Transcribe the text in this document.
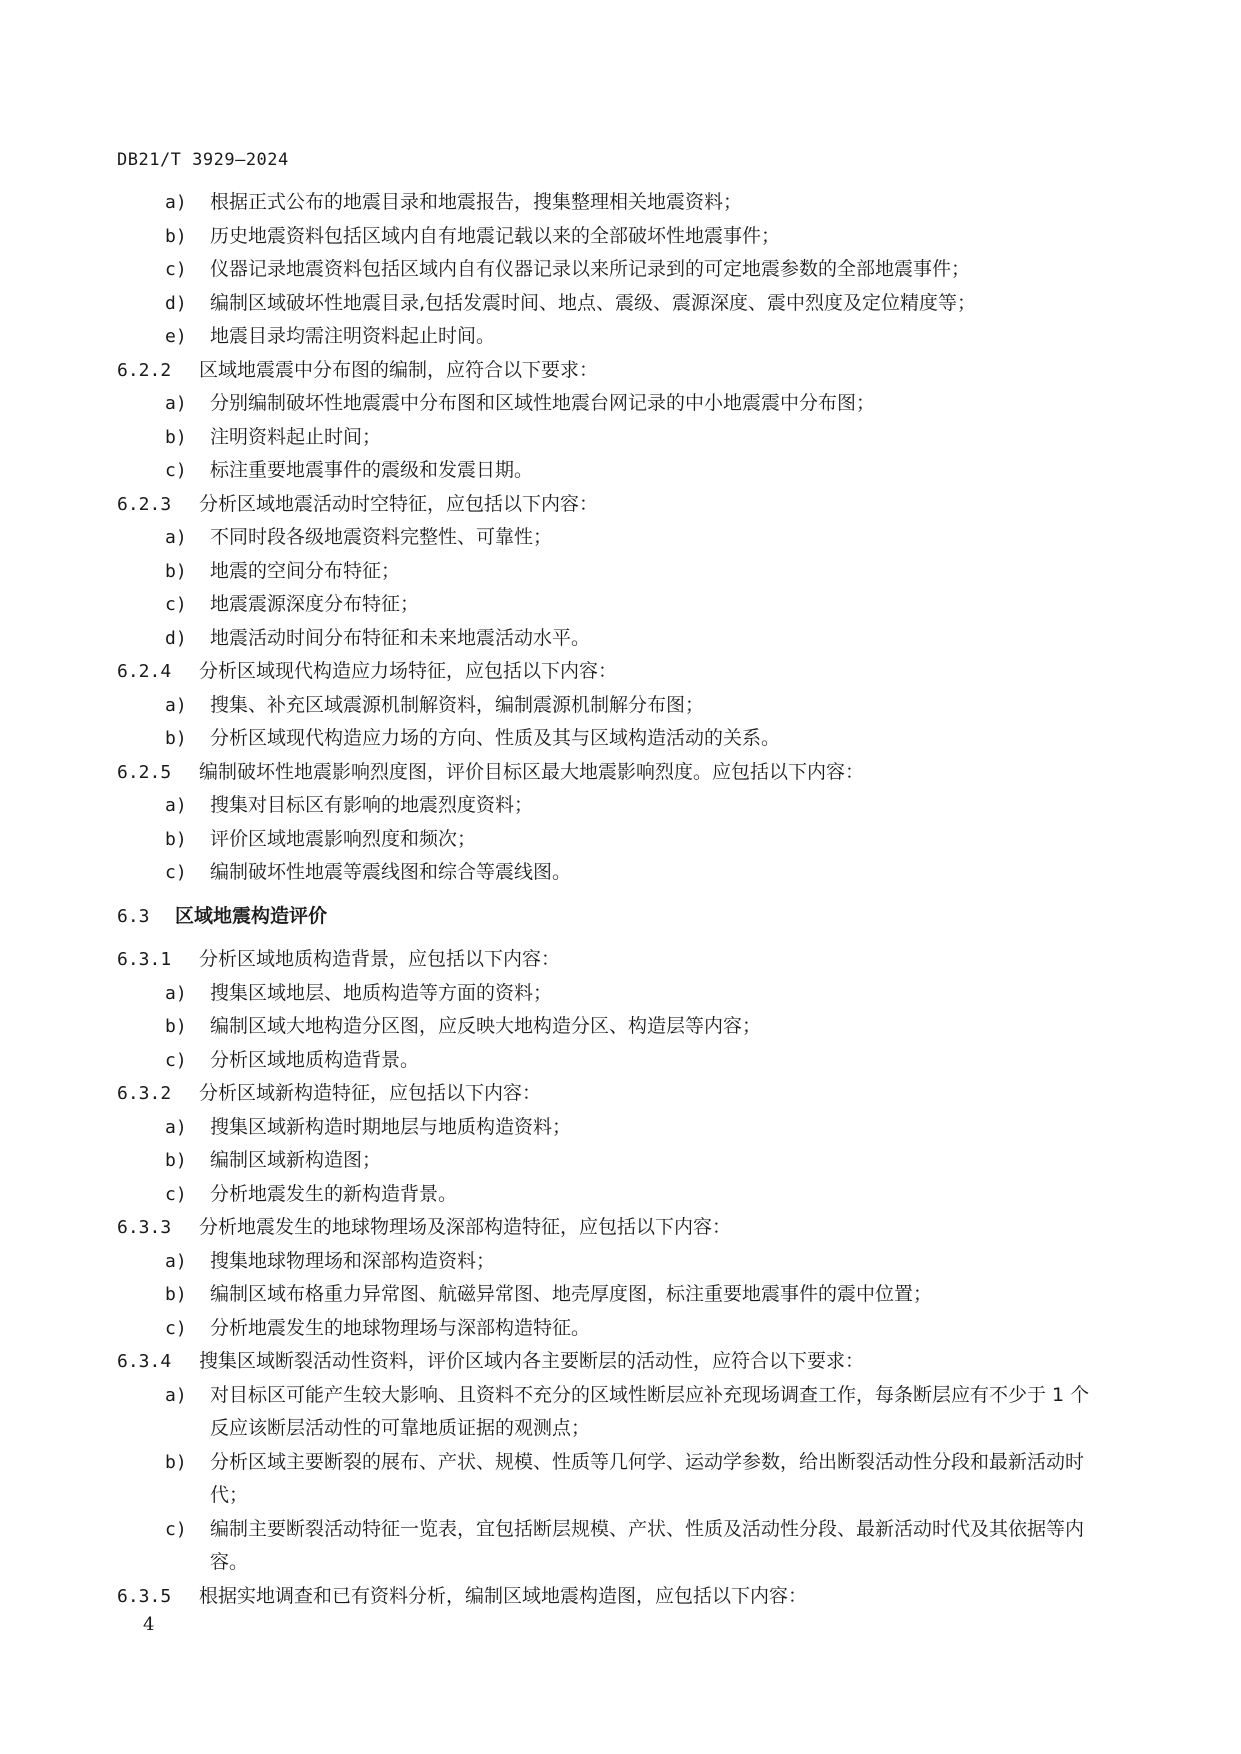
DB21/T 3929—2024
a) 根据正式公布的地震目录和地震报告，搜集整理相关地震资料；
b) 历史地震资料包括区域内自有地震记载以来的全部破坏性地震事件；
c) 仪器记录地震资料包括区域内自有仪器记录以来所记录到的可定地震参数的全部地震事件；
d) 编制区域破坏性地震目录,包括发震时间、地点、震级、震源深度、震中烈度及定位精度等；
e) 地震目录均需注明资料起止时间。
6.2.2 区域地震震中分布图的编制，应符合以下要求：
a) 分别编制破坏性地震震中分布图和区域性地震台网记录的中小地震震中分布图；
b) 注明资料起止时间；
c) 标注重要地震事件的震级和发震日期。
6.2.3 分析区域地震活动时空特征，应包括以下内容：
a) 不同时段各级地震资料完整性、可靠性；
b) 地震的空间分布特征；
c) 地震震源深度分布特征；
d) 地震活动时间分布特征和未来地震活动水平。
6.2.4 分析区域现代构造应力场特征，应包括以下内容：
a) 搜集、补充区域震源机制解资料，编制震源机制解分布图；
b) 分析区域现代构造应力场的方向、性质及其与区域构造活动的关系。
6.2.5 编制破坏性地震影响烈度图，评价目标区最大地震影响烈度。应包括以下内容：
a) 搜集对目标区有影响的地震烈度资料；
b) 评价区域地震影响烈度和频次；
c) 编制破坏性地震等震线图和综合等震线图。
6.3 区域地震构造评价
6.3.1 分析区域地质构造背景，应包括以下内容：
a) 搜集区域地层、地质构造等方面的资料；
b) 编制区域大地构造分区图，应反映大地构造分区、构造层等内容；
c) 分析区域地质构造背景。
6.3.2 分析区域新构造特征，应包括以下内容：
a) 搜集区域新构造时期地层与地质构造资料；
b) 编制区域新构造图；
c) 分析地震发生的新构造背景。
6.3.3 分析地震发生的地球物理场及深部构造特征，应包括以下内容：
a) 搜集地球物理场和深部构造资料；
b) 编制区域布格重力异常图、航磁异常图、地壳厚度图，标注重要地震事件的震中位置；
c) 分析地震发生的地球物理场与深部构造特征。
6.3.4 搜集区域断裂活动性资料，评价区域内各主要断层的活动性，应符合以下要求：
a) 对目标区可能产生较大影响、且资料不充分的区域性断层应补充现场调查工作，每条断层应有不少于 1 个反应该断层活动性的可靠地质证据的观测点；
b) 分析区域主要断裂的展布、产状、规模、性质等几何学、运动学参数，给出断裂活动性分段和最新活动时代；
c) 编制主要断裂活动特征一览表，宜包括断层规模、产状、性质及活动性分段、最新活动时代及其依据等内容。
6.3.5 根据实地调查和已有资料分析，编制区域地震构造图，应包括以下内容：
4
